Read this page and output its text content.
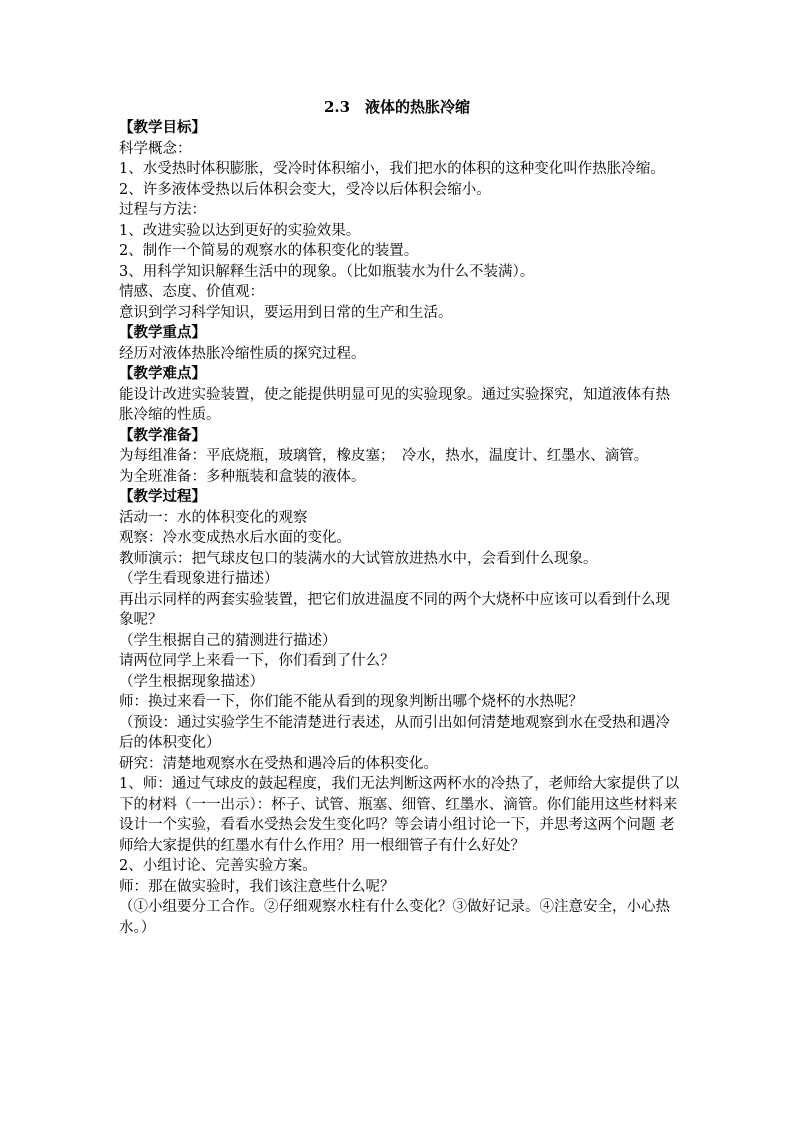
2.3　液体的热胀冷缩

【教学目标】

科学概念：

1、水受热时体积膨胀，受冷时体积缩小，我们把水的体积的这种变化叫作热胀冷缩。

2、许多液体受热以后体积会变大，受冷以后体积会缩小。

过程与方法：

1、改进实验以达到更好的实验效果。

2、制作一个简易的观察水的体积变化的装置。

3、用科学知识解释生活中的现象。（比如瓶装水为什么不装满）。

情感、态度、价值观：

意识到学习科学知识，要运用到日常的生产和生活。

【教学重点】

经历对液体热胀冷缩性质的探究过程。

【教学难点】

能设计改进实验装置，使之能提供明显可见的实验现象。通过实验探究，知道液体有热胀冷缩的性质。

【教学准备】

为每组准备：平底烧瓶，玻璃管，橡皮塞；　冷水，热水，温度计、红墨水、滴管。

为全班准备：多种瓶装和盒装的液体。

【教学过程】

活动一：水的体积变化的观察

观察：冷水变成热水后水面的变化。

教师演示：把气球皮包口的装满水的大试管放进热水中，会看到什么现象。

（学生看现象进行描述）

再出示同样的两套实验装置，把它们放进温度不同的两个大烧杯中应该可以看到什么现象呢？

（学生根据自己的猜测进行描述）

请两位同学上来看一下，你们看到了什么？

（学生根据现象描述）

师：换过来看一下，你们能不能从看到的现象判断出哪个烧杯的水热呢？

（预设：通过实验学生不能清楚进行表述，从而引出如何清楚地观察到水在受热和遇冷后的体积变化）

研究：清楚地观察水在受热和遇冷后的体积变化。

1、师：通过气球皮的鼓起程度，我们无法判断这两杯水的冷热了，老师给大家提供了以下的材料（一一出示）：杯子、试管、瓶塞、细管、红墨水、滴管。你们能用这些材料来设计一个实验，看看水受热会发生变化吗？等会请小组讨论一下，并思考这两个问题 老师给大家提供的红墨水有什么作用？用一根细管子有什么好处？

2、小组讨论、完善实验方案。

师：那在做实验时，我们该注意些什么呢？

（①小组要分工合作。②仔细观察水柱有什么变化？③做好记录。④注意安全，小心热水。）
